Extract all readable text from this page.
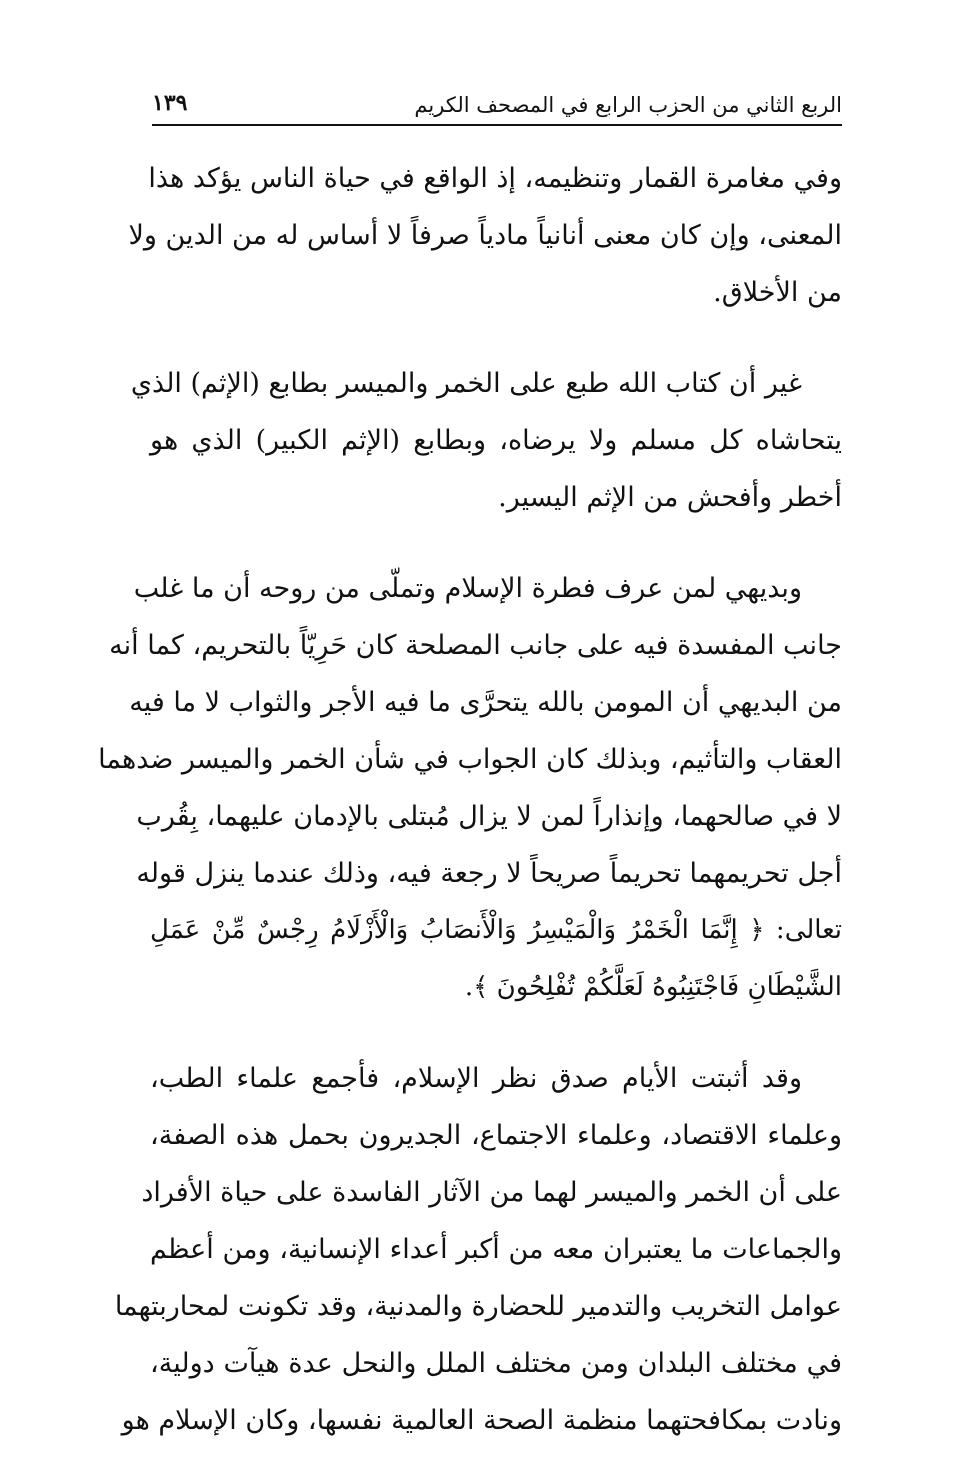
الربع الثاني من الحزب الرابع في المصحف الكريم
١٣٩

وفي مغامرة القمار وتنظيمه، إذ الواقع في حياة الناس يؤكد هذا
المعنى، وإن كان معنى أنانياً مادياً صرفاً لا أساس له من الدين ولا
من الأخلاق.

غير أن كتاب الله طبع على الخمر والميسر بطابع (الإثم) الذي
يتحاشاه كل مسلم ولا يرضاه، وبطابع (الإثم الكبير) الذي هو
أخطر وأفحش من الإثم اليسير.

وبديهي لمن عرف فطرة الإسلام وتملّى من روحه أن ما غلب
جانب المفسدة فيه على جانب المصلحة كان حَرِيّاً بالتحريم، كما أنه
من البديهي أن المومن بالله يتحرَّى ما فيه الأجر والثواب لا ما فيه
العقاب والتأثيم، وبذلك كان الجواب في شأن الخمر والميسر ضدهما
لا في صالحهما، وإنذاراً لمن لا يزال مُبتلى بالإدمان عليهما، بِقُرب
أجل تحريمهما تحريماً صريحاً لا رجعة فيه، وذلك عندما ينزل قوله
تعالى: ﴿ إِنَّمَا الْخَمْرُ وَالْمَيْسِرُ وَالْأَنصَابُ وَالْأَزْلَامُ رِجْسٌ مِّنْ عَمَلِ
الشَّيْطَانِ فَاجْتَنِبُوهُ لَعَلَّكُمْ تُفْلِحُونَ ﴾.

وقد أثبتت الأيام صدق نظر الإسلام، فأجمع علماء الطب،
وعلماء الاقتصاد، وعلماء الاجتماع، الجديرون بحمل هذه الصفة،
على أن الخمر والميسر لهما من الآثار الفاسدة على حياة الأفراد
والجماعات ما يعتبران معه من أكبر أعداء الإنسانية، ومن أعظم
عوامل التخريب والتدمير للحضارة والمدنية، وقد تكونت لمحاربتهما
في مختلف البلدان ومن مختلف الملل والنحل عدة هيآت دولية،
ونادت بمكافحتهما منظمة الصحة العالمية نفسها، وكان الإسلام هو
